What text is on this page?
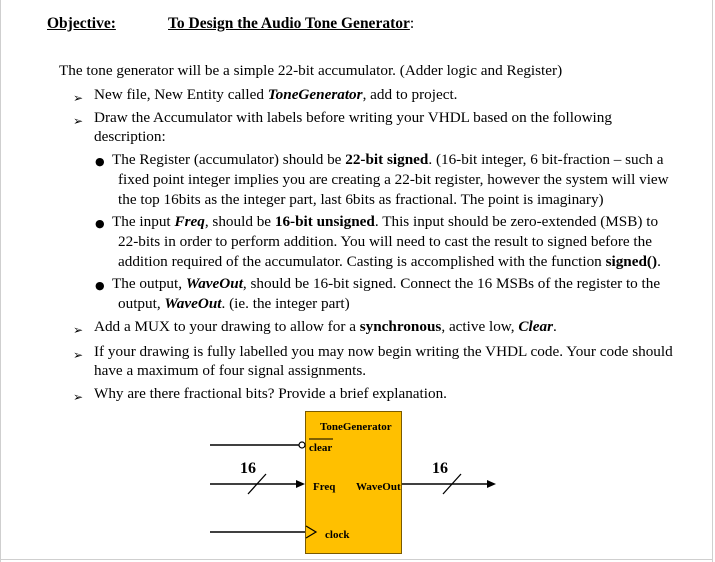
Objective:	To Design the Audio Tone Generator:
The tone generator will be a simple 22-bit accumulator. (Adder logic and Register)
➢ New file, New Entity called ToneGenerator, add to project.
➢ Draw the Accumulator with labels before writing your VHDL based on the following
description:
● The Register (accumulator) should be 22-bit signed. (16-bit integer, 6 bit-fraction – such a
fixed point integer implies you are creating a 22-bit register, however the system will view
the top 16bits as the integer part, last 6bits as fractional. The point is imaginary)
● The input Freq, should be 16-bit unsigned. This input should be zero-extended (MSB) to
22-bits in order to perform addition. You will need to cast the result to signed before the
addition required of the accumulator. Casting is accomplished with the function signed().
● The output, WaveOut, should be 16-bit signed. Connect the 16 MSBs of the register to the
output, WaveOut. (ie. the integer part)
➢ Add a MUX to your drawing to allow for a synchronous, active low, Clear.
➢ If your drawing is fully labelled you may now begin writing the VHDL code. Your code should
have a maximum of four signal assignments.
➢ Why are there fractional bits? Provide a brief explanation.
ToneGenerator
clear
Freq WaveOut
clock
16	16
